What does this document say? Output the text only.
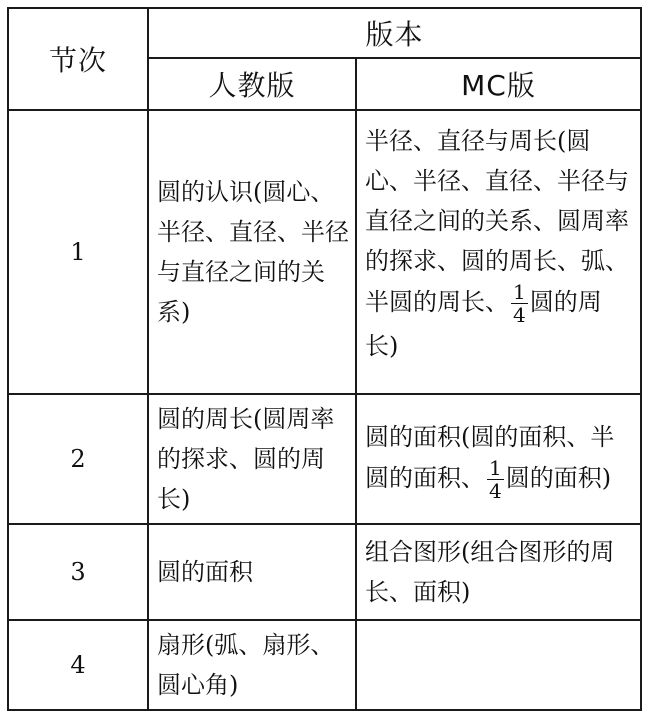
节次	版本	
	人教版	MC版
1	圆的认识(圆心、半径、直径、半径与直径之间的关系)	半径、直径与周长(圆心、半径、直径、半径与直径之间的关系、圆周率的探求、圆的周长、弧、半圆的周长、 $\frac{1}{4}$ 圆的周长)
2	圆的周长(圆周率的探求、圆的周长)	圆的面积(圆的面积、半圆的面积、 $\frac{1}{4}$ 圆的面积)
3	圆的面积	组合图形(组合图形的周长、面积)
4	扇形(弧、扇形、圆心角)	
